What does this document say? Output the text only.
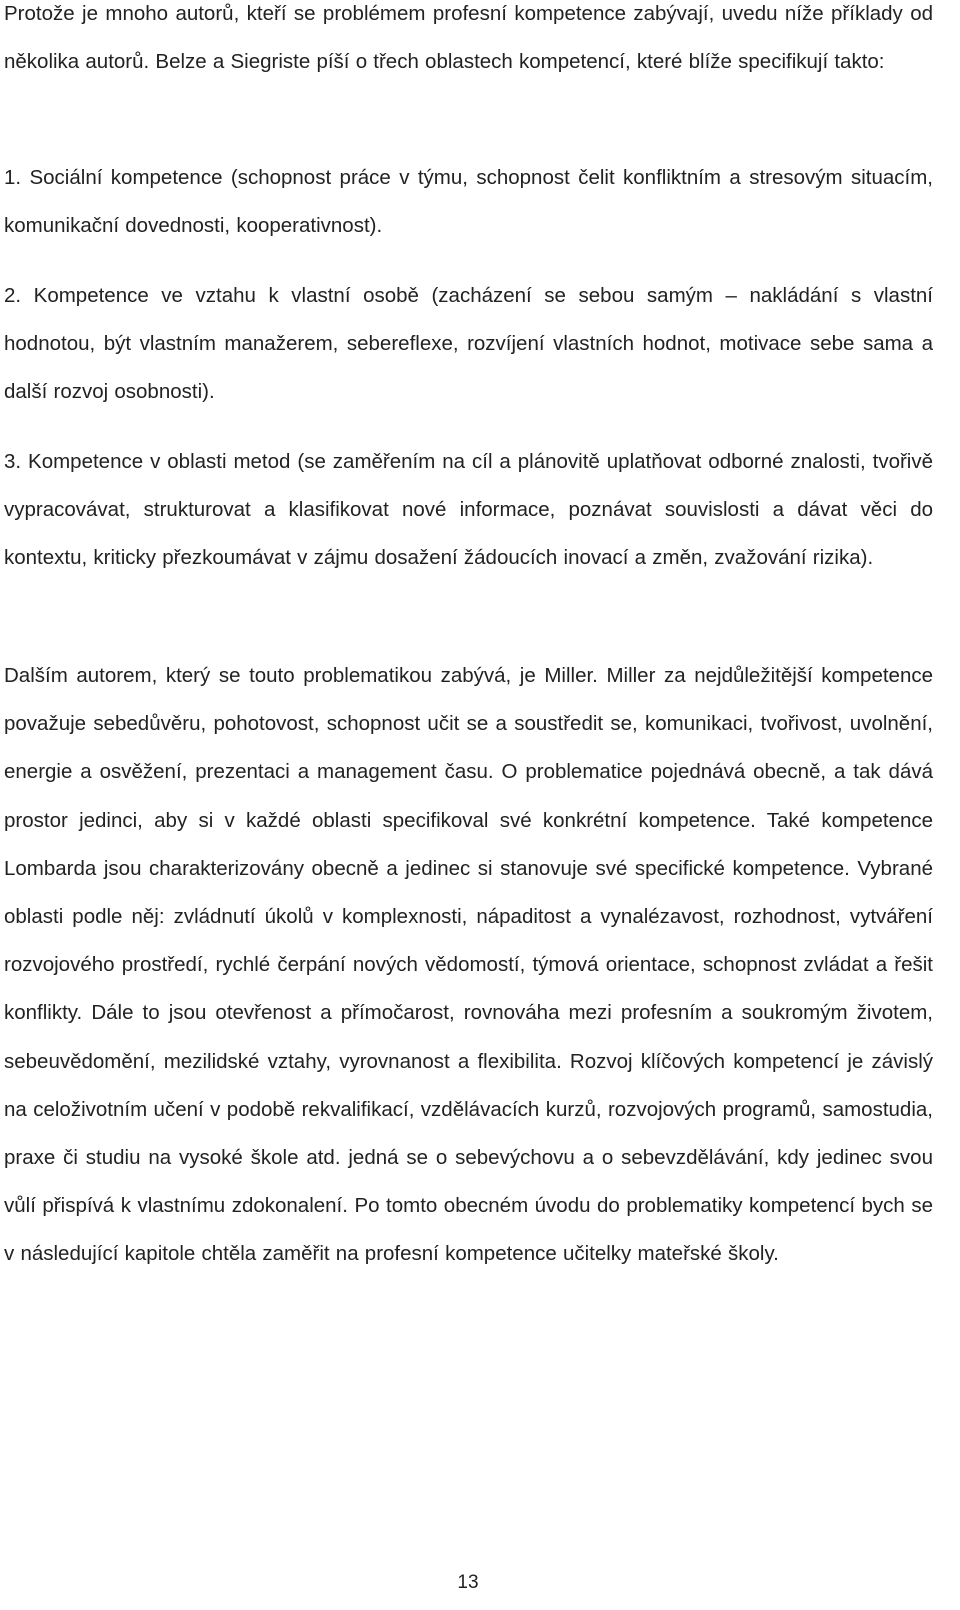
Protože je mnoho autorů, kteří se problémem profesní kompetence zabývají, uvedu níže příklady od několika autorů. Belze a Siegriste píší o třech oblastech kompetencí, které blíže specifikují takto:

1. Sociální kompetence (schopnost práce v týmu, schopnost čelit konfliktním a stresovým situacím, komunikační dovednosti, kooperativnost).

2. Kompetence ve vztahu k vlastní osobě (zacházení se sebou samým – nakládání s vlastní hodnotou, být vlastním manažerem, sebereflexe, rozvíjení vlastních hodnot, motivace sebe sama a další rozvoj osobnosti).

3. Kompetence v oblasti metod (se zaměřením na cíl a plánovitě uplatňovat odborné znalosti, tvořivě vypracovávat, strukturovat a klasifikovat nové informace, poznávat souvislosti a dávat věci do kontextu, kriticky přezkoumávat v zájmu dosažení žádoucích inovací a změn, zvažování rizika).

Dalším autorem, který se touto problematikou zabývá, je Miller. Miller za nejdůležitější kompetence považuje sebedůvěru, pohotovost, schopnost učit se a soustředit se, komunikaci, tvořivost, uvolnění, energie a osvěžení, prezentaci a management času. O problematice pojednává obecně, a tak dává prostor jedinci, aby si v každé oblasti specifikoval své konkrétní kompetence. Také kompetence Lombarda jsou charakterizovány obecně a jedinec si stanovuje své specifické kompetence. Vybrané oblasti podle něj: zvládnutí úkolů v komplexnosti, nápaditost a vynalézavost, rozhodnost, vytváření rozvojového prostředí, rychlé čerpání nových vědomostí, týmová orientace, schopnost zvládat a řešit konflikty. Dále to jsou otevřenost a přímočarost, rovnováha mezi profesním a soukromým životem, sebeuvědomění, mezilidské vztahy, vyrovnanost a flexibilita. Rozvoj klíčových kompetencí je závislý na celoživotním učení v podobě rekvalifikací, vzdělávacích kurzů, rozvojových programů, samostudia, praxe či studiu na vysoké škole atd. jedná se o sebevýchovu a o sebevzdělávání, kdy jedinec svou vůlí přispívá k vlastnímu zdokonalení. Po tomto obecném úvodu do problematiky kompetencí bych se v následující kapitole chtěla zaměřit na profesní kompetence učitelky mateřské školy.

13
